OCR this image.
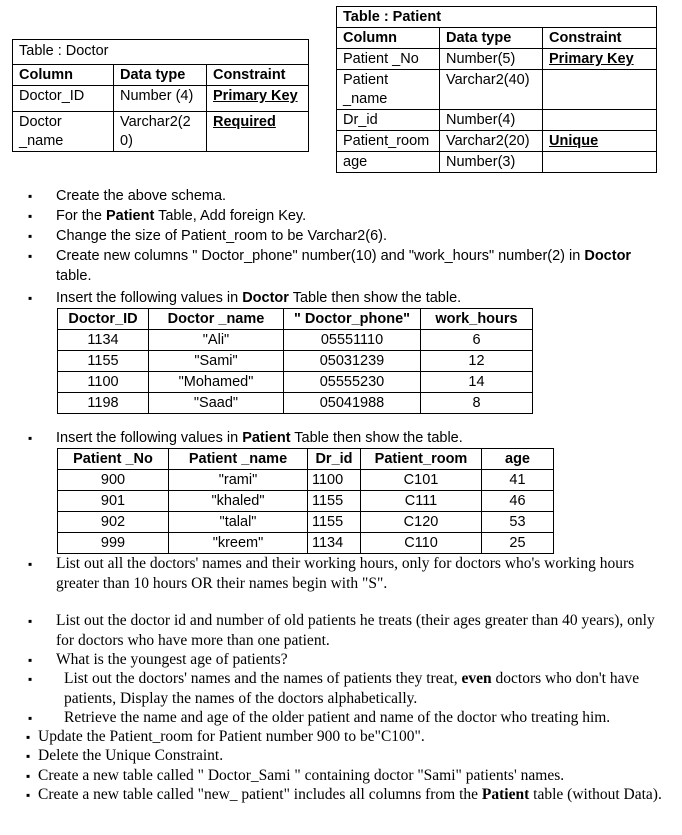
Table : Doctor		
Column	Data type	Constraint
Doctor_ID	Number (4)	Primary Key
Doctor _name	Varchar2(20)	Required
Table : Patient		
Column	Data type	Constraint
Patient _No	Number(5)	Primary Key
Patient _name	Varchar2(40)	
Dr_id	Number(4)	
Patient_room	Varchar2(20)	Unique
age	Number(3)	
▪ Create the above schema.
▪ For the Patient Table, Add foreign Key.
▪ Change the size of Patient_room to be Varchar2(6).
▪ Create new columns " Doctor_phone" number(10) and "work_hours" number(2) in Doctor table.
▪ Insert the following values in Doctor Table then show the table.
Doctor_ID	Doctor _name	" Doctor_phone"	work_hours
1134	"Ali"	05551110	6
1155	"Sami"	05031239	12
1100	"Mohamed"	05555230	14
1198	"Saad"	05041988	8
▪ Insert the following values in Patient Table then show the table.
Patient _No	Patient _name	Dr_id	Patient_room	age
900	"rami"	1100	C101	41
901	"khaled"	1155	C111	46
902	"talal"	1155	C120	53
999	"kreem"	1134	C110	25
▪ List out all the doctors' names and their working hours, only for doctors who's working hours greater than 10 hours OR their names begin with "S".
▪ List out the doctor id and number of old patients he treats (their ages greater than 40 years), only for doctors who have more than one patient.
▪ What is the youngest age of patients?
▪ List out the doctors' names and the names of patients they treat, even doctors who don't have patients, Display the names of the doctors alphabetically.
▪ Retrieve the name and age of the older patient and name of the doctor who treating him.
▪ Update the Patient_room for Patient number 900 to be"C100".
▪ Delete the Unique Constraint.
▪ Create a new table called " Doctor_Sami " containing doctor "Sami" patients' names.
▪ Create a new table called "new_ patient" includes all columns from the Patient table (without Data).
